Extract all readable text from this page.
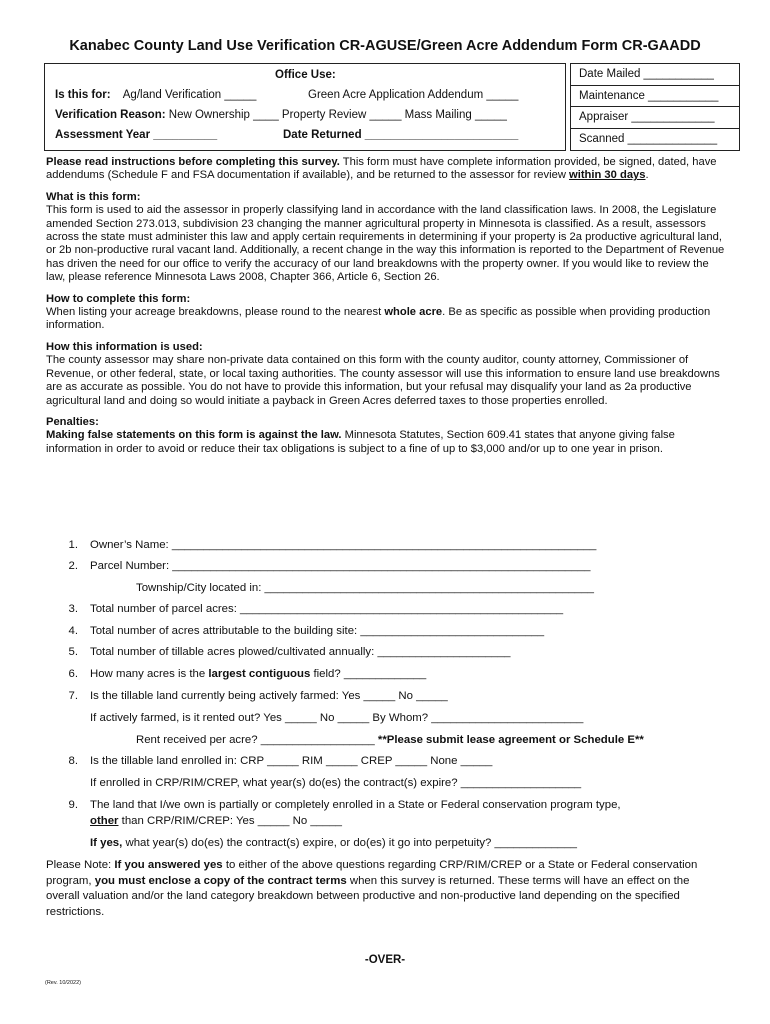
Kanabec County Land Use Verification CR-AGUSE/Green Acre Addendum Form CR-GAADD
Office Use:
Is this for: Ag/land Verification _____	Green Acre Application Addendum _____
Verification Reason: New Ownership ____ Property Review _____ Mass Mailing _____
Assessment Year __________	Date Returned ________________________
Date Mailed ___________
Maintenance ___________
Appraiser _____________
Scanned ______________

Please read instructions before completing this survey. This form must have complete information provided, be signed, dated, have addendums (Schedule F and FSA documentation if available), and be returned to the assessor for review within 30 days.

What is this form:
This form is used to aid the assessor in properly classifying land in accordance with the land classification laws. In 2008, the Legislature amended Section 273.013, subdivision 23 changing the manner agricultural property in Minnesota is classified. As a result, assessors across the state must administer this law and apply certain requirements in determining if your property is 2a productive agricultural land, or 2b non-productive rural vacant land. Additionally, a recent change in the way this information is reported to the Department of Revenue has driven the need for our office to verify the accuracy of our land breakdowns with the property owner. If you would like to review the law, please reference Minnesota Laws 2008, Chapter 366, Article 6, Section 26.

How to complete this form:
When listing your acreage breakdowns, please round to the nearest whole acre. Be as specific as possible when providing production information.

How this information is used:
The county assessor may share non-private data contained on this form with the county auditor, county attorney, Commissioner of Revenue, or other federal, state, or local taxing authorities. The county assessor will use this information to ensure land use breakdowns are as accurate as possible. You do not have to provide this information, but your refusal may disqualify your land as 2a productive agricultural land and doing so would initiate a payback in Green Acres deferred taxes to those properties enrolled.

Penalties:
Making false statements on this form is against the law. Minnesota Statutes, Section 609.41 states that anyone giving false information in order to avoid or reduce their tax obligations is subject to a fine of up to $3,000 and/or up to one year in prison.

1. Owner’s Name: ___________________________________________________________________
2. Parcel Number: __________________________________________________________________
Township/City located in: ____________________________________________________
3. Total number of parcel acres: ___________________________________________________
4. Total number of acres attributable to the building site: _____________________________
5. Total number of tillable acres plowed/cultivated annually: _____________________
6. How many acres is the largest contiguous field? _____________
7. Is the tillable land currently being actively farmed: Yes _____ No _____
If actively farmed, is it rented out? Yes _____ No _____ By Whom? ________________________
Rent received per acre? __________________ **Please submit lease agreement or Schedule E**
8. Is the tillable land enrolled in: CRP _____ RIM _____ CREP _____ None _____
If enrolled in CRP/RIM/CREP, what year(s) do(es) the contract(s) expire? ___________________
9. The land that I/we own is partially or completely enrolled in a State or Federal conservation program type,
other than CRP/RIM/CREP: Yes _____ No _____
If yes, what year(s) do(es) the contract(s) expire, or do(es) it go into perpetuity? _____________
Please Note: If you answered yes to either of the above questions regarding CRP/RIM/CREP or a State or Federal conservation program, you must enclose a copy of the contract terms when this survey is returned. These terms will have an effect on the overall valuation and/or the land category breakdown between productive and non-productive land depending on the specified restrictions.
-OVER-
(Rev. 10/2022)
